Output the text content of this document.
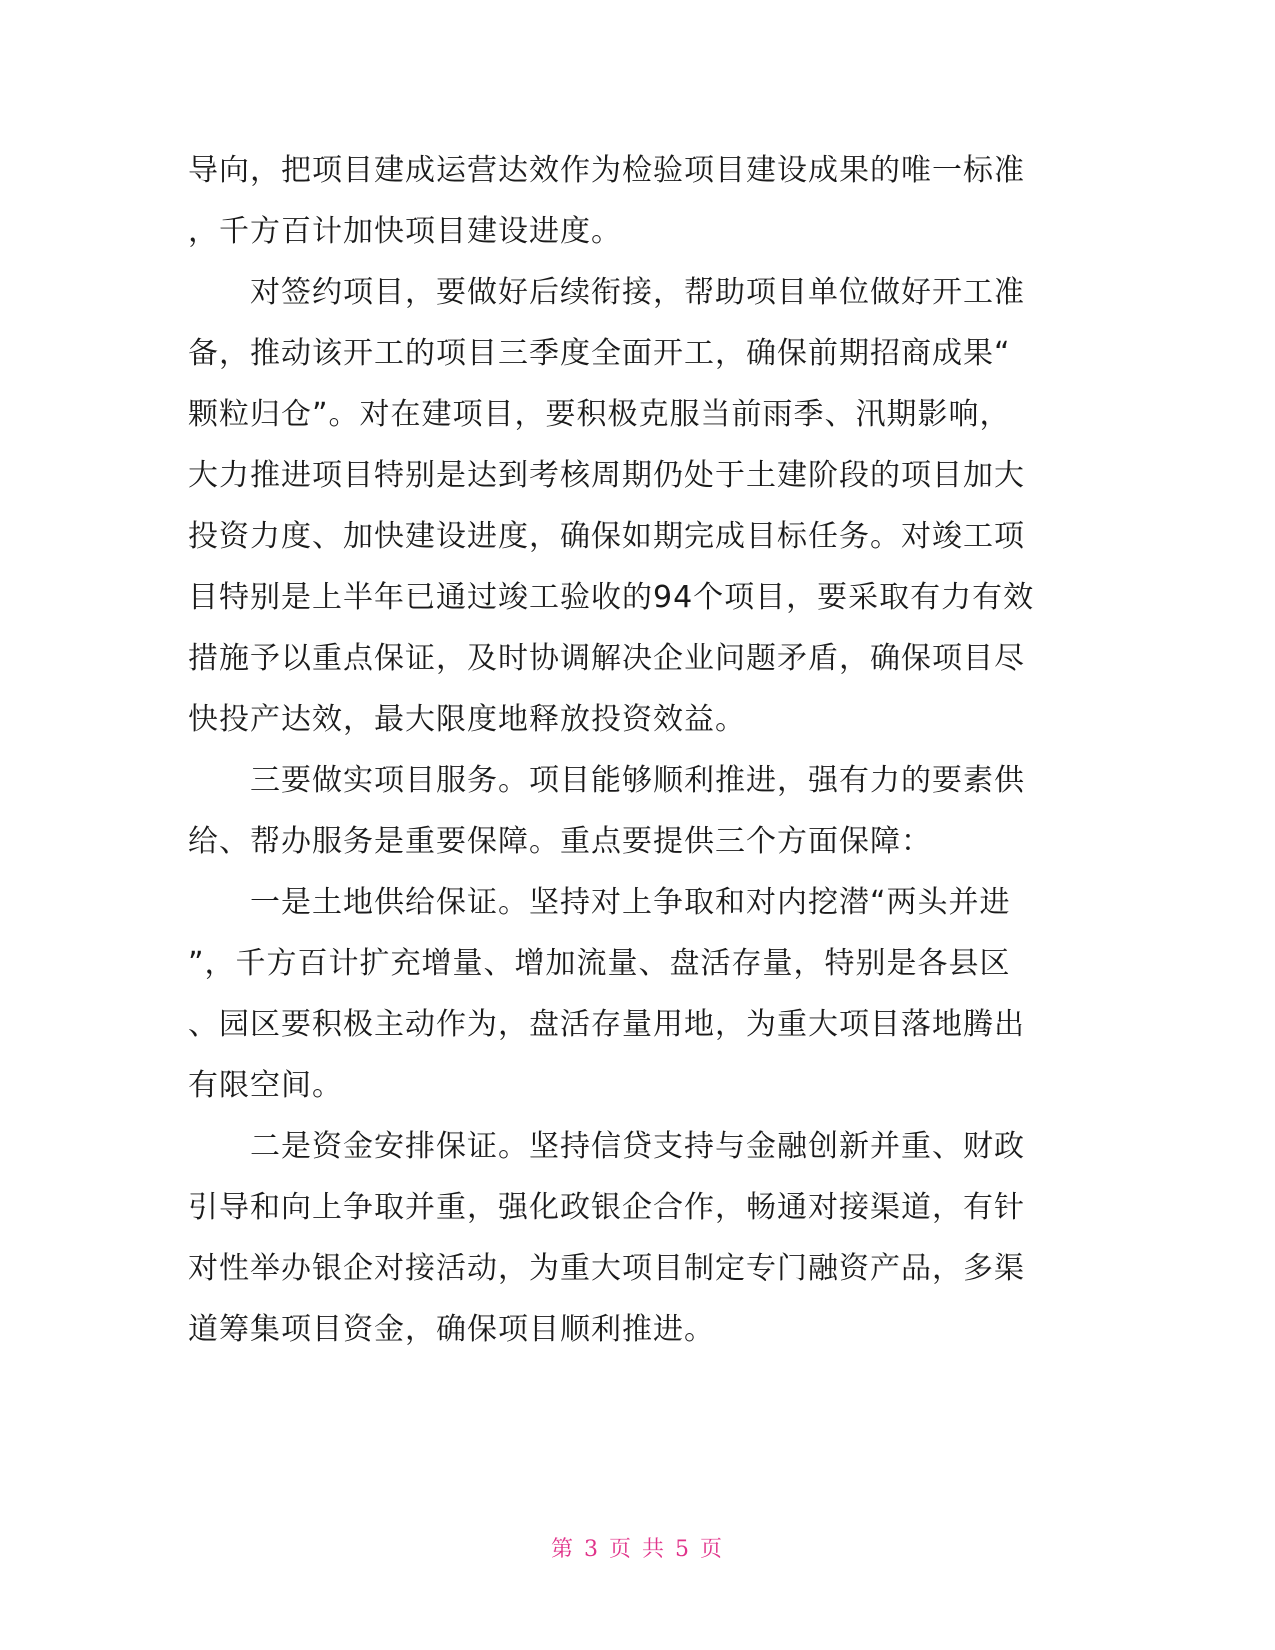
导向，把项目建成运营达效作为检验项目建设成果的唯一标准
，千方百计加快项目建设进度。
对签约项目，要做好后续衔接，帮助项目单位做好开工准
备，推动该开工的项目三季度全面开工，确保前期招商成果“
颗粒归仓”。对在建项目，要积极克服当前雨季、汛期影响，
大力推进项目特别是达到考核周期仍处于土建阶段的项目加大
投资力度、加快建设进度，确保如期完成目标任务。对竣工项
目特别是上半年已通过竣工验收的94个项目，要采取有力有效
措施予以重点保证，及时协调解决企业问题矛盾，确保项目尽
快投产达效，最大限度地释放投资效益。
三要做实项目服务。项目能够顺利推进，强有力的要素供
给、帮办服务是重要保障。重点要提供三个方面保障：
一是土地供给保证。坚持对上争取和对内挖潜“两头并进
”，千方百计扩充增量、增加流量、盘活存量，特别是各县区
、园区要积极主动作为，盘活存量用地，为重大项目落地腾出
有限空间。
二是资金安排保证。坚持信贷支持与金融创新并重、财政
引导和向上争取并重，强化政银企合作，畅通对接渠道，有针
对性举办银企对接活动，为重大项目制定专门融资产品，多渠
道筹集项目资金，确保项目顺利推进。
第 3 页 共 5 页
